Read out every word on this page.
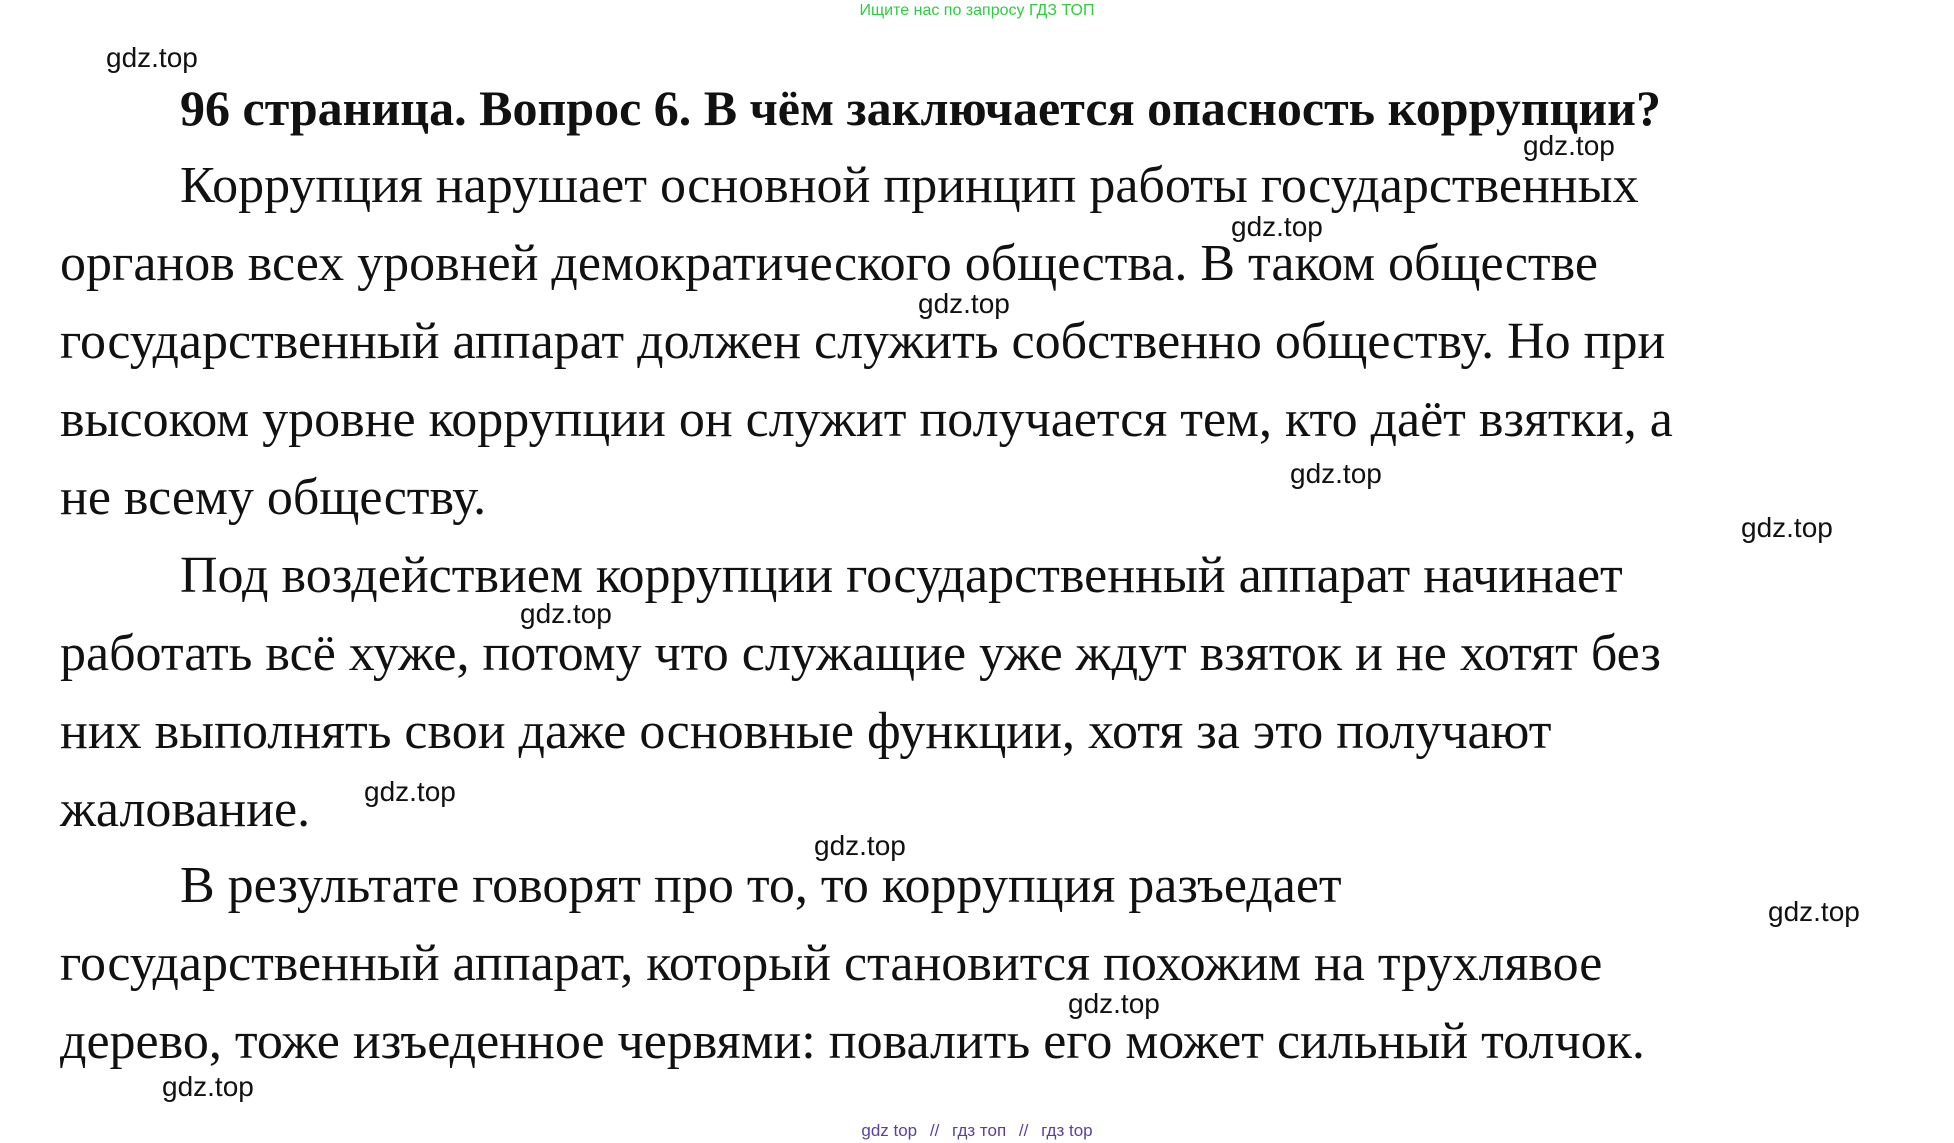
Ищите нас по запросу ГДЗ ТОП
96 страница. Вопрос 6. В чём заключается опасность коррупции?

Коррупция нарушает основной принцип работы государственных

органов всех уровней демократического общества. В таком обществе

государственный аппарат должен служить собственно обществу. Но при

высоком уровне коррупции он служит получается тем, кто даёт взятки, а

не всему обществу.

Под воздействием коррупции государственный аппарат начинает

работать всё хуже, потому что служащие уже ждут взяток и не хотят без

них выполнять свои даже основные функции, хотя за это получают

жалование.

В результате говорят про то, то коррупция разъедает

государственный аппарат, который становится похожим на трухлявое

дерево, тоже изъеденное червями: повалить его может сильный толчок.

gdz.top
gdz.top
gdz.top
gdz.top
gdz.top
gdz.top
gdz.top
gdz.top
gdz.top
gdz.top
gdz.top
gdz.top
gdz top // гдз топ // гдз top
